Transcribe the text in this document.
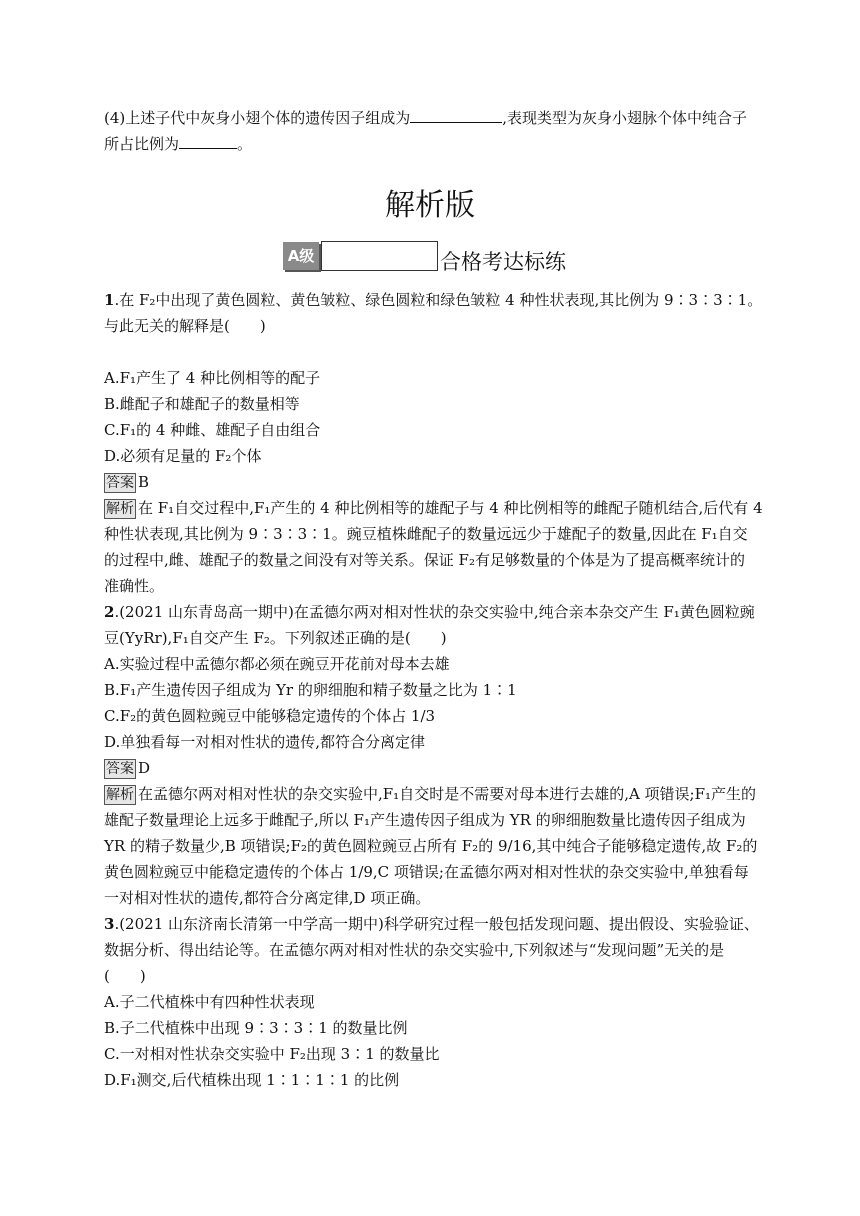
(4)上述子代中灰身小翅个体的遗传因子组成为	,表现类型为灰身小翅脉个体中纯合子
所占比例为	。
解析版
A级	合格考达标练
1.在 F₂中出现了黄色圆粒、黄色皱粒、绿色圆粒和绿色皱粒 4 种性状表现,其比例为 9∶3∶3∶1。
与此无关的解释是(　　)
A.F₁产生了 4 种比例相等的配子
B.雌配子和雄配子的数量相等
C.F₁的 4 种雌、雄配子自由组合
D.必须有足量的 F₂个体
答案 B
解析 在 F₁自交过程中,F₁产生的 4 种比例相等的雄配子与 4 种比例相等的雌配子随机结合,后代有 4
种性状表现,其比例为 9∶3∶3∶1。豌豆植株雌配子的数量远远少于雄配子的数量,因此在 F₁自交
的过程中,雌、雄配子的数量之间没有对等关系。保证 F₂有足够数量的个体是为了提高概率统计的
准确性。
2.(2021 山东青岛高一期中)在孟德尔两对相对性状的杂交实验中,纯合亲本杂交产生 F₁黄色圆粒豌
豆(YyRr),F₁自交产生 F₂。下列叙述正确的是(　　)
A.实验过程中孟德尔都必须在豌豆开花前对母本去雄
B.F₁产生遗传因子组成为 Yr 的卵细胞和精子数量之比为 1∶1
C.F₂的黄色圆粒豌豆中能够稳定遗传的个体占 1/3
D.单独看每一对相对性状的遗传,都符合分离定律
答案 D
解析 在孟德尔两对相对性状的杂交实验中,F₁自交时是不需要对母本进行去雄的,A 项错误;F₁产生的
雄配子数量理论上远多于雌配子,所以 F₁产生遗传因子组成为 YR 的卵细胞数量比遗传因子组成为
YR 的精子数量少,B 项错误;F₂的黄色圆粒豌豆占所有 F₂的 9/16,其中纯合子能够稳定遗传,故 F₂的
黄色圆粒豌豆中能稳定遗传的个体占 1/9,C 项错误;在孟德尔两对相对性状的杂交实验中,单独看每
一对相对性状的遗传,都符合分离定律,D 项正确。
3.(2021 山东济南长清第一中学高一期中)科学研究过程一般包括发现问题、提出假设、实验验证、
数据分析、得出结论等。在孟德尔两对相对性状的杂交实验中,下列叙述与“发现问题”无关的是
(　　)
A.子二代植株中有四种性状表现
B.子二代植株中出现 9∶3∶3∶1 的数量比例
C.一对相对性状杂交实验中 F₂出现 3∶1 的数量比
D.F₁测交,后代植株出现 1∶1∶1∶1 的比例
